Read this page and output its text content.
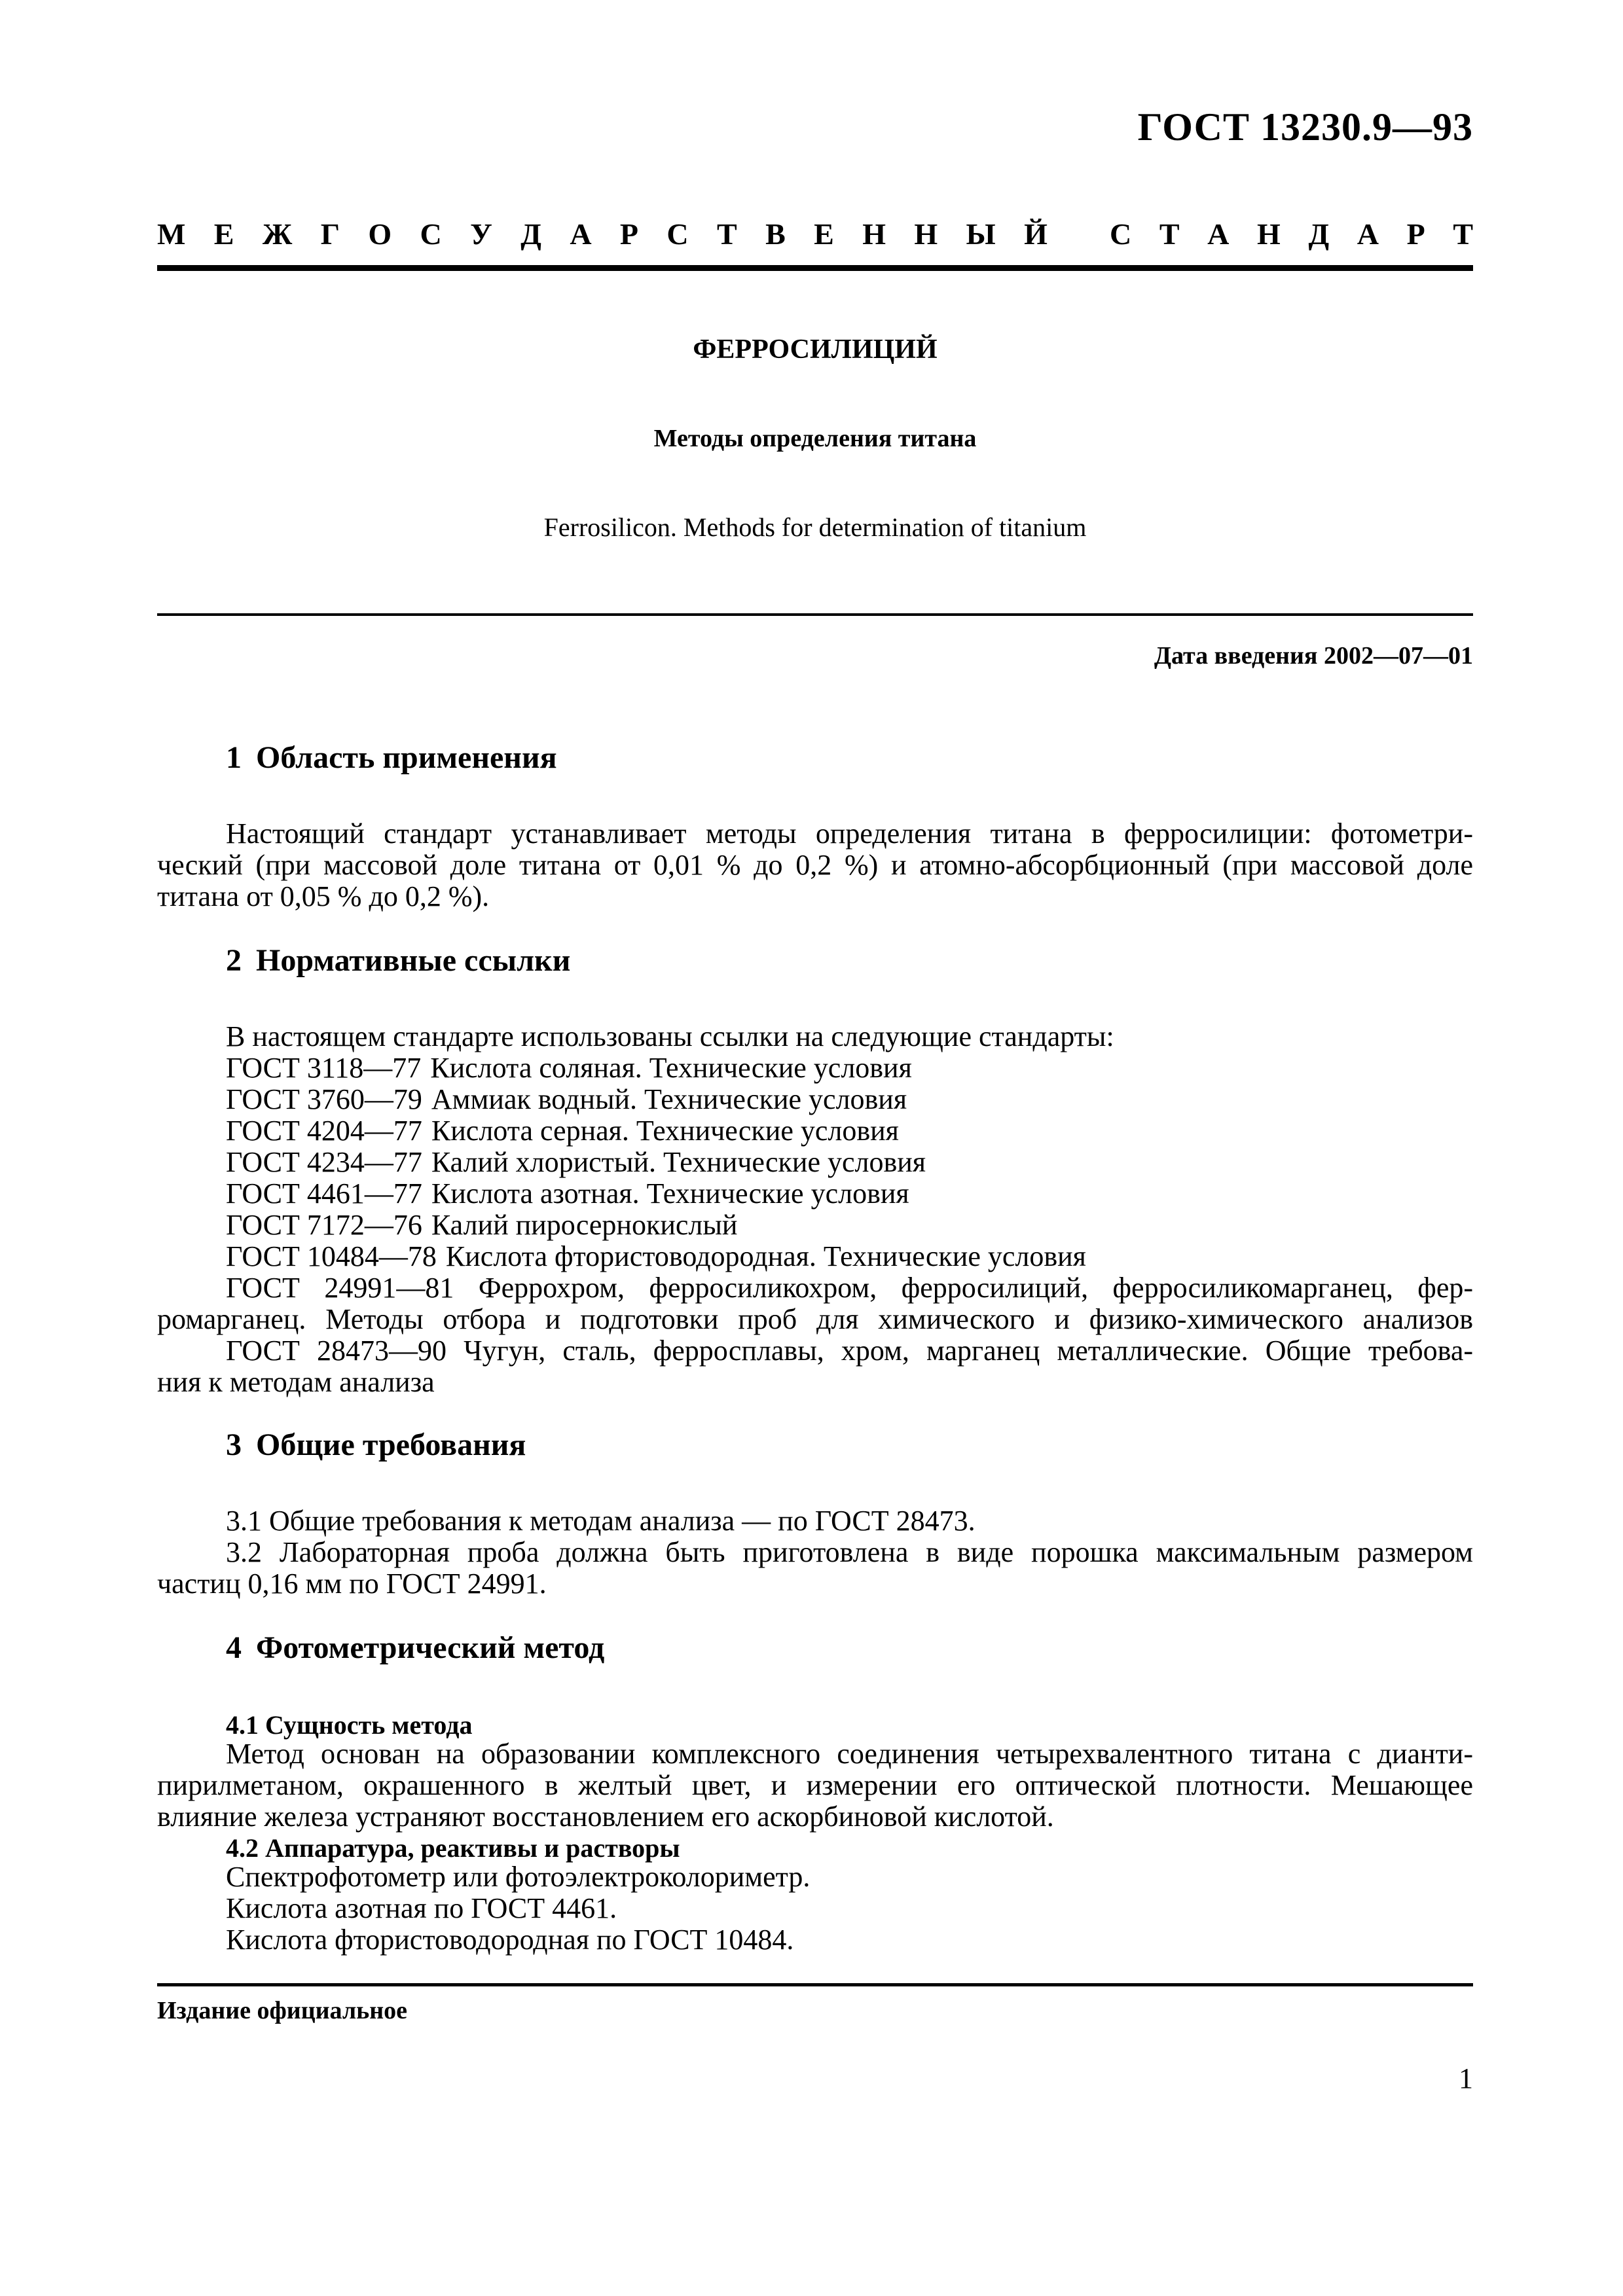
ГОСТ 13230.9—93
М Е Ж Г О С У Д А Р С Т В Е Н Н Ы Й С Т А Н Д А Р Т
ФЕРРОСИЛИЦИЙ
Методы определения титана
Ferrosilicon. Methods for determination of titanium
Дата введения 2002—07—01
1 Область применения
Настоящий стандарт устанавливает методы определения титана в ферросилиции: фотометри-
ческий (при массовой доле титана от 0,01 % до 0,2 %) и атомно-абсорбционный (при массовой доле
титана от 0,05 % до 0,2 %).
2 Нормативные ссылки
В настоящем стандарте использованы ссылки на следующие стандарты:
ГОСТ 3118—77 Кислота соляная. Технические условия
ГОСТ 3760—79 Аммиак водный. Технические условия
ГОСТ 4204—77 Кислота серная. Технические условия
ГОСТ 4234—77 Калий хлористый. Технические условия
ГОСТ 4461—77 Кислота азотная. Технические условия
ГОСТ 7172—76 Калий пиросернокислый
ГОСТ 10484—78 Кислота фтористоводородная. Технические условия
ГОСТ 24991—81 Феррохром, ферросиликохром, ферросилиций, ферросиликомарганец, фер-
ромарганец. Методы отбора и подготовки проб для химического и физико-химического анализов
ГОСТ 28473—90 Чугун, сталь, ферросплавы, хром, марганец металлические. Общие требова-
ния к методам анализа
3 Общие требования
3.1 Общие требования к методам анализа — по ГОСТ 28473.
3.2 Лабораторная проба должна быть приготовлена в виде порошка максимальным размером
частиц 0,16 мм по ГОСТ 24991.
4 Фотометрический метод
4.1 Сущность метода
Метод основан на образовании комплексного соединения четырехвалентного титана с дианти-
пирилметаном, окрашенного в желтый цвет, и измерении его оптической плотности. Мешающее
влияние железа устраняют восстановлением его аскорбиновой кислотой.
4.2 Аппаратура, реактивы и растворы
Спектрофотометр или фотоэлектроколориметр.
Кислота азотная по ГОСТ 4461.
Кислота фтористоводородная по ГОСТ 10484.
Издание официальное
1
